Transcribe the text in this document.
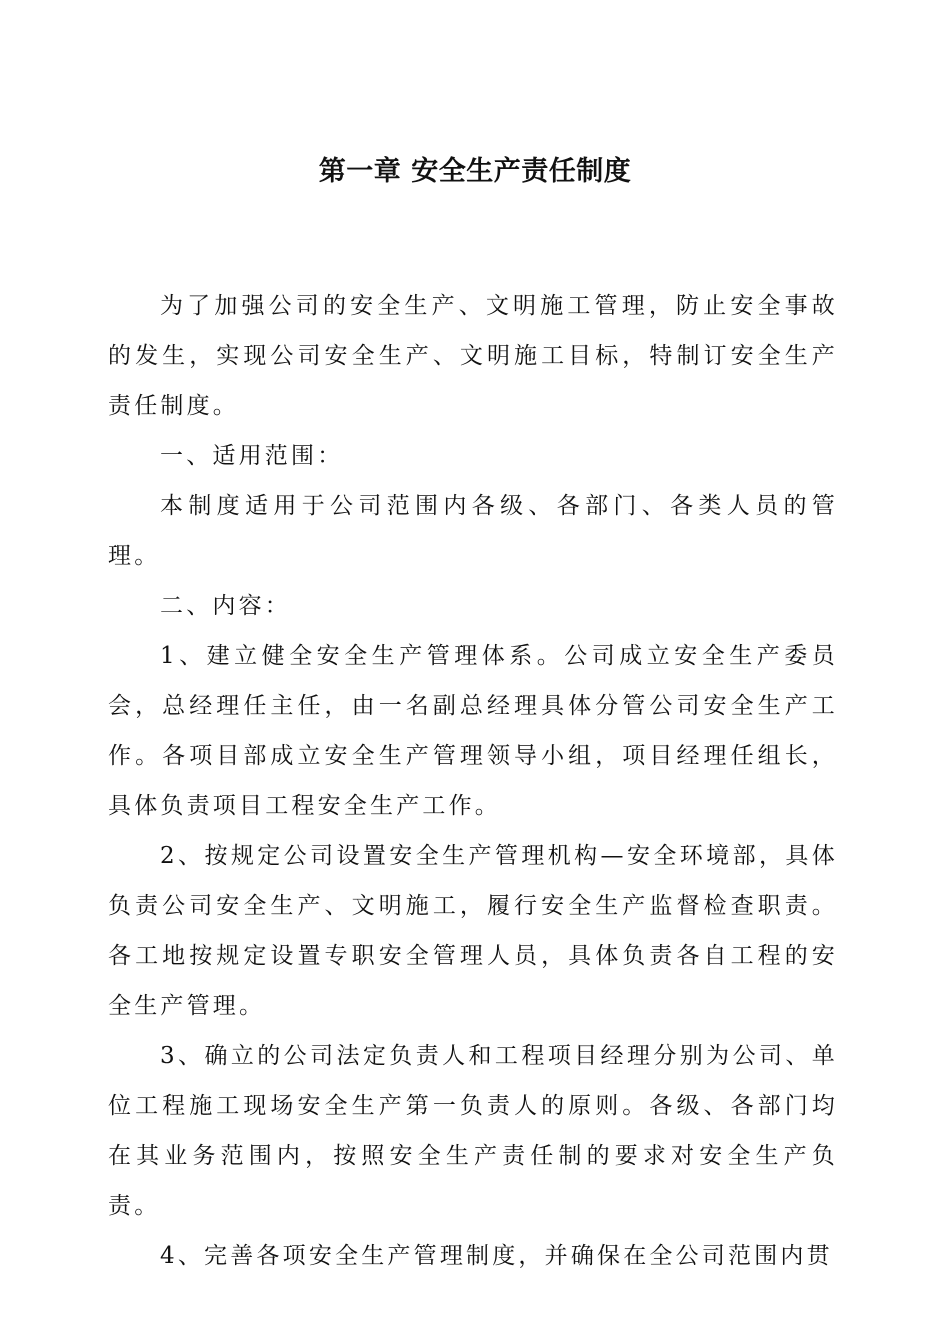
第一章 安全生产责任制度

为了加强公司的安全生产、文明施工管理，防止安全事故的发生，实现公司安全生产、文明施工目标，特制订安全生产责任制度。

一、适用范围：

本制度适用于公司范围内各级、各部门、各类人员的管理。

二、内容：

1、建立健全安全生产管理体系。公司成立安全生产委员会，总经理任主任，由一名副总经理具体分管公司安全生产工作。各项目部成立安全生产管理领导小组，项目经理任组长，具体负责项目工程安全生产工作。

2、按规定公司设置安全生产管理机构—安全环境部，具体负责公司安全生产、文明施工，履行安全生产监督检查职责。各工地按规定设置专职安全管理人员，具体负责各自工程的安全生产管理。

3、确立的公司法定负责人和工程项目经理分别为公司、单位工程施工现场安全生产第一负责人的原则。各级、各部门均在其业务范围内，按照安全生产责任制的要求对安全生产负责。

4、完善各项安全生产管理制度，并确保在全公司范围内贯
